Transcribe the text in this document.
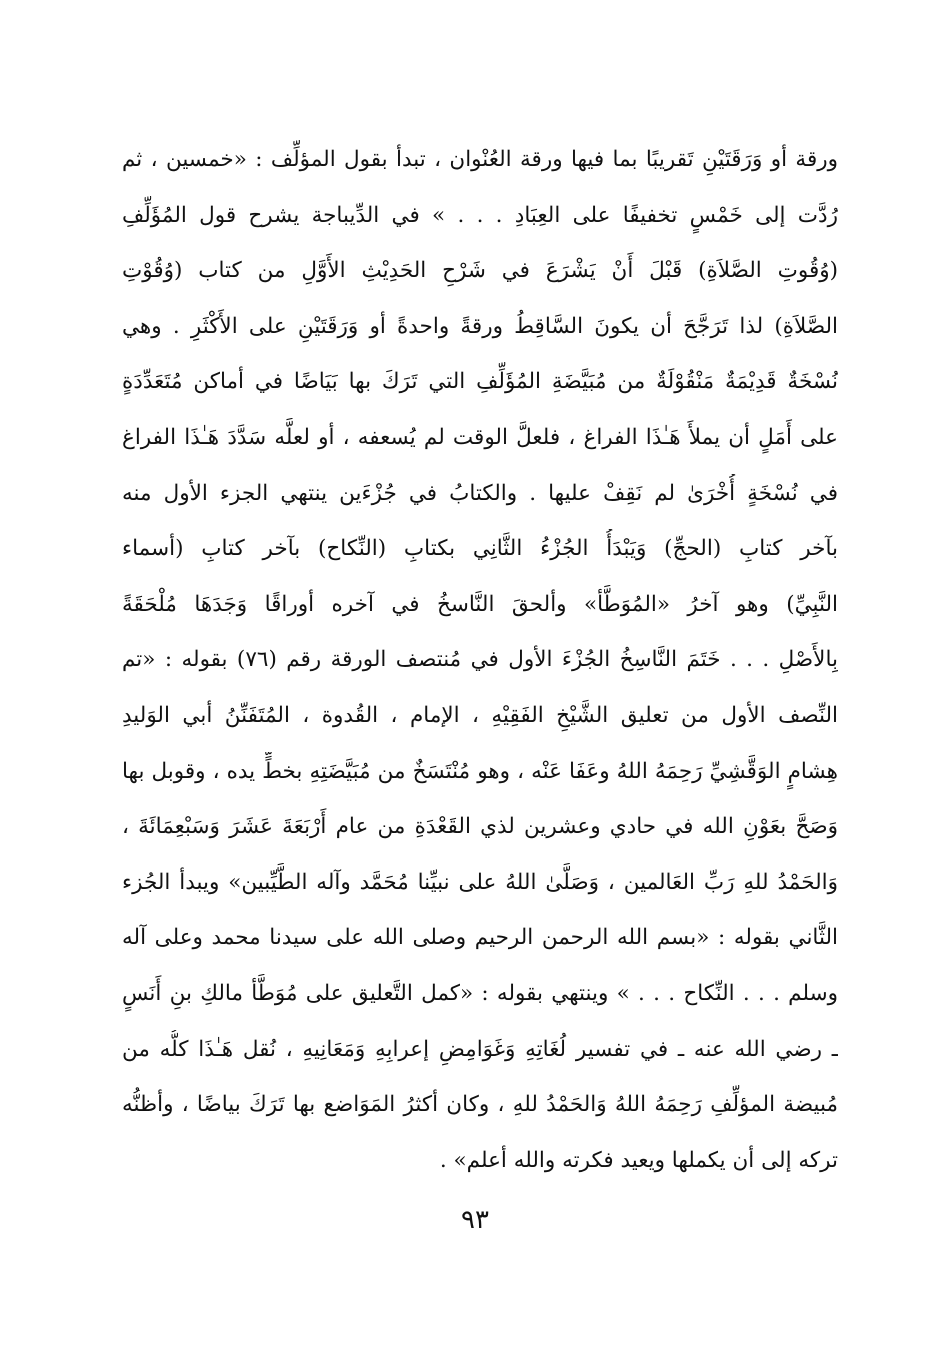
ورقة أو وَرَقَتَيْنِ تَقريبًا بما فيها ورقة العُنْوان ، تبدأ بقول المؤلِّف : «خمسين ، ثم
رُدَّت إلى خَمْسٍ تخفيفًا على العِبَادِ . . . » في الدِّيباجة يشرح قول المُؤَلِّفِ
(وُقُوتِ الصَّلاَةِ) قَبْلَ أَنْ يَشْرَعَ في شَرْحِ الحَدِيْثِ الأَوَّلِ من كتاب (وُقُوْتِ
الصَّلاَةِ) لذا تَرَجَّحَ أن يكونَ السَّاقِطُ ورقةً واحدةً أو وَرَقَتَيْنِ على الأَكْثَرِ . وهي
نُسْخَةٌ قَدِيْمَةٌ مَنْقُوْلَةٌ من مُبَيَّضَةِ المُؤَلِّفِ التي تَرَكَ بها بَيَاضًا في أماكن مُتَعَدِّدَةٍ
على أَمَلٍ أن يملأَ هَـٰذَا الفراغ ، فلعلَّ الوقت لم يُسعفه ، أو لعلَّه سَدَّدَ هَـٰذَا الفراغ
في نُسْخَةٍ أُخْرَىٰ لم نَقِفْ عليها . والكتابُ في جُزْءَين ينتهي الجزء الأول منه
بآخر كتابِ (الحجِّ) وَيَبْدَأُ الجُزْءُ الثَّانِي بكتابِ (النِّكاح) بآخر كتابِ (أسماء
النَّبِيِّ) وهو آخرُ «المُوَطَّأ» وألحقَ النَّاسخُ في آخره أوراقًا وَجَدَهَا مُلْحَقَةً
بِالأَصْلِ . . . خَتَمَ النَّاسِخُ الجُزْءَ الأول في مُنتصف الورقة رقم (٧٦) بقوله : «تم
النِّصف الأول من تعليق الشَّيْخِ الفَقِيْهِ ، الإمام ، القُدوة ، المُتَفَنِّنُ أبي الوَليدِ
هِشامٍ الوَقَّشِيِّ رَحِمَهُ اللهُ وعَفَا عَنْه ، وهو مُنْتَسَخٌ من مُبَيَّضَتِهِ بخطٍّ يده ، وقوبل بها
وَصَحَّ بعَوْنِ الله في حادي وعشرين لذي القَعْدَةِ من عام أَرْبَعَةَ عَشَرَ وَسَبْعِمَائَةَ ،
وَالحَمْدُ للهِ رَبِّ العَالمين ، وَصَلَّىٰ اللهُ على نبيِّنا مُحَمَّد وآله الطَّيِّبين» ويبدأ الجُزء
الثَّاني بقوله : «بسم الله الرحمن الرحيم وصلى الله على سيدنا محمد وعلى آله
وسلم . . . النِّكاح . . . » وينتهي بقوله : «كمل التَّعليق على مُوَطَّأ مالكِ بنِ أَنَسٍ
ـ رضي الله عنه ـ في تفسير لُغَاتِهِ وَغَوَامِضِ إعرابِهِ وَمَعَانِيهِ ، نُقل هَـٰذَا كلُّه من
مُبيضة المؤلِّفِ رَحِمَهُ اللهُ وَالحَمْدُ للهِ ، وكان أكثرُ المَوَاضع بها تَرَكَ بياضًا ، وأظنُّه
تركه إلى أن يكملها ويعيد فكرته والله أعلم» .
٩٣
